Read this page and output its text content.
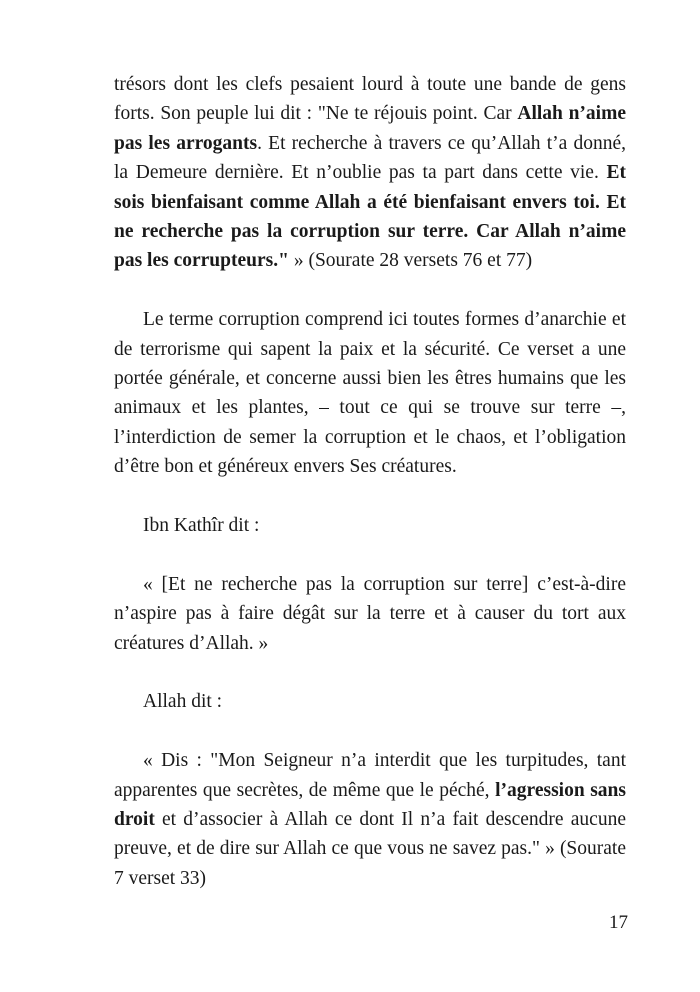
trésors dont les clefs pesaient lourd à toute une bande de gens forts. Son peuple lui dit : "Ne te réjouis point. Car Allah n’aime pas les arrogants. Et recherche à travers ce qu’Allah t’a donné, la Demeure dernière. Et n’oublie pas ta part dans cette vie. Et sois bienfaisant comme Allah a été bienfaisant envers toi. Et ne recherche pas la corruption sur terre. Car Allah n’aime pas les corrupteurs." » (Sourate 28 versets 76 et 77)

Le terme corruption comprend ici toutes formes d’anarchie et de terrorisme qui sapent la paix et la sécurité. Ce verset a une portée générale, et concerne aussi bien les êtres humains que les animaux et les plantes, – tout ce qui se trouve sur terre –, l’interdiction de semer la corruption et le chaos, et l’obligation d’être bon et généreux envers Ses créatures.

Ibn Kathîr dit :

« [Et ne recherche pas la corruption sur terre] c’est-à-dire n’aspire pas à faire dégât sur la terre et à causer du tort aux créatures d’Allah. »

Allah dit :

« Dis : "Mon Seigneur n’a interdit que les turpitudes, tant apparentes que secrètes, de même que le péché, l’agression sans droit et d’associer à Allah ce dont Il n’a fait descendre aucune preuve, et de dire sur Allah ce que vous ne savez pas." » (Sourate 7 verset 33)

17
